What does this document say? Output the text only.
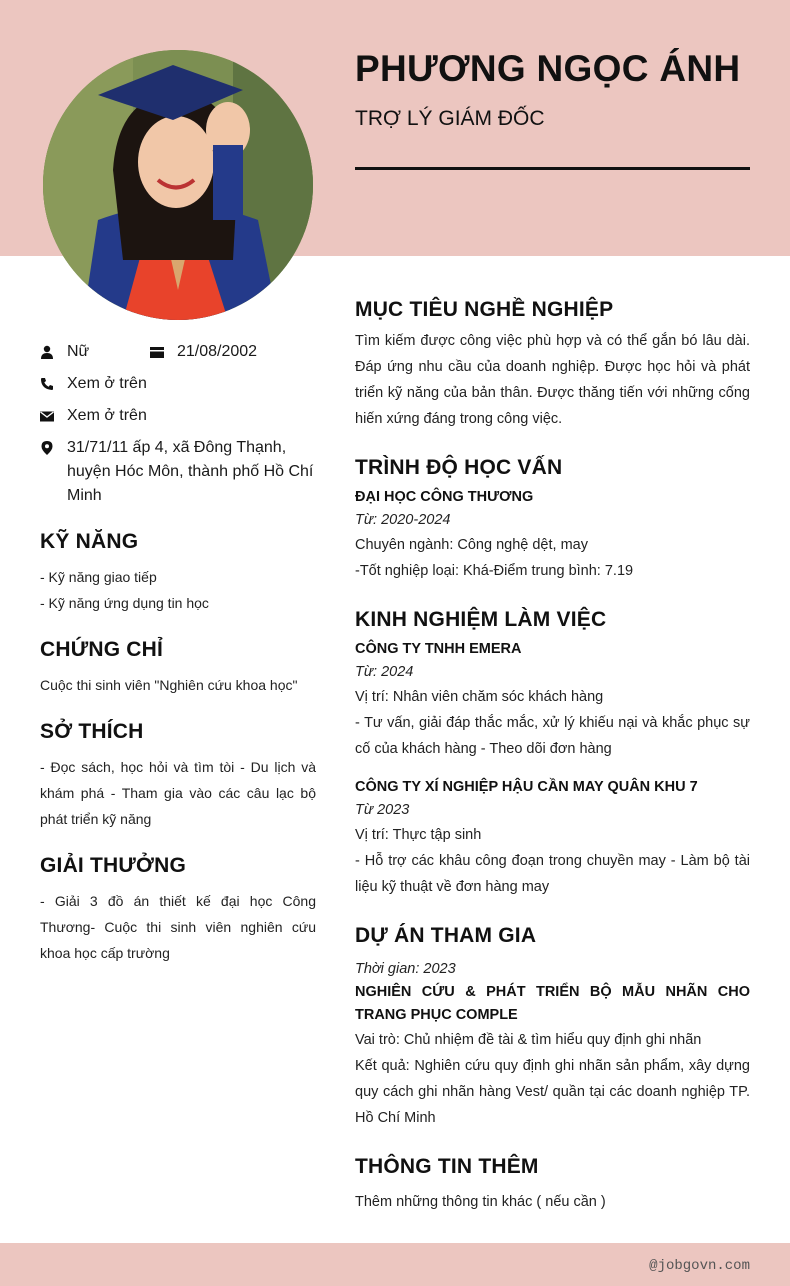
PHƯƠNG NGỌC ÁNH
TRỢ LÝ GIÁM ĐỐC
Nữ	21/08/2002
Xem ở trên
Xem ở trên
31/71/11 ấp 4, xã Đông Thạnh, huyện Hóc Môn, thành phố Hồ Chí Minh
KỸ NĂNG
- Kỹ năng giao tiếp
- Kỹ năng ứng dụng tin học
CHỨNG CHỈ
Cuộc thi sinh viên "Nghiên cứu khoa học"
SỞ THÍCH
- Đọc sách, học hỏi và tìm tòi - Du lịch và khám phá - Tham gia vào các câu lạc bộ phát triển kỹ năng
GIẢI THƯỞNG
- Giải 3 đồ án thiết kế đại học Công Thương- Cuộc thi sinh viên nghiên cứu khoa học cấp trường
MỤC TIÊU NGHỀ NGHIỆP
Tìm kiếm được công việc phù hợp và có thể gắn bó lâu dài. Đáp ứng nhu cầu của doanh nghiệp. Được học hỏi và phát triển kỹ năng của bản thân. Được thăng tiến với những cống hiến xứng đáng trong công việc.
TRÌNH ĐỘ HỌC VẤN
ĐẠI HỌC CÔNG THƯƠNG
Từ: 2020-2024
Chuyên ngành: Công nghệ dệt, may
-Tốt nghiệp loại: Khá-Điểm trung bình: 7.19
KINH NGHIỆM LÀM VIỆC
CÔNG TY TNHH EMERA
Từ: 2024
Vị trí: Nhân viên chăm sóc khách hàng
- Tư vấn, giải đáp thắc mắc, xử lý khiếu nại và khắc phục sự cố của khách hàng - Theo dõi đơn hàng
CÔNG TY XÍ NGHIỆP HẬU CẦN MAY QUÂN KHU 7
Từ 2023
Vị trí: Thực tập sinh
- Hỗ trợ các khâu công đoạn trong chuyền may - Làm bộ tài liệu kỹ thuật về đơn hàng may
DỰ ÁN THAM GIA
Thời gian: 2023
NGHIÊN CỨU & PHÁT TRIỂN BỘ MẪU NHÃN CHO TRANG PHỤC COMPLE
Vai trò: Chủ nhiệm đề tài & tìm hiểu quy định ghi nhãn
Kết quả: Nghiên cứu quy định ghi nhãn sản phẩm, xây dựng quy cách ghi nhãn hàng Vest/ quần tại các doanh nghiệp TP. Hồ Chí Minh
THÔNG TIN THÊM
Thêm những thông tin khác ( nếu cần )
@jobgovn.com
